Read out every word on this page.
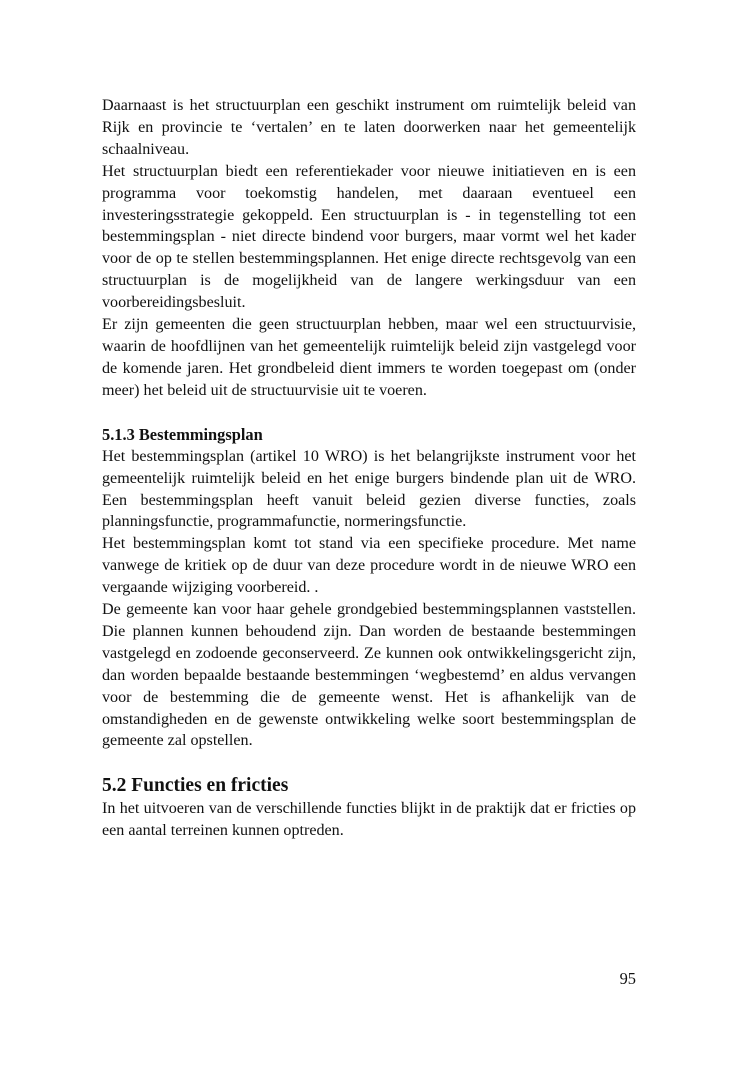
Daarnaast is het structuurplan een geschikt instrument om ruimtelijk beleid van Rijk en provincie te ‘vertalen’ en te laten doorwerken naar het gemeentelijk schaalniveau.

Het structuurplan biedt een referentiekader voor nieuwe initiatieven en is een programma voor toekomstig handelen, met daaraan eventueel een investeringsstrategie gekoppeld. Een structuurplan is - in tegenstelling tot een bestemmingsplan - niet directe bindend voor burgers, maar vormt wel het kader voor de op te stellen bestemmingsplannen. Het enige directe rechtsgevolg van een structuurplan is de mogelijkheid van de langere werkingsduur van een voorbereidingsbesluit.

Er zijn gemeenten die geen structuurplan hebben, maar wel een structuurvisie, waarin de hoofdlijnen van het gemeentelijk ruimtelijk beleid zijn vastgelegd voor de komende jaren. Het grondbeleid dient immers te worden toegepast om (onder meer) het beleid uit de structuurvisie uit te voeren.

5.1.3 Bestemmingsplan

Het bestemmingsplan (artikel 10 WRO) is het belangrijkste instrument voor het gemeentelijk ruimtelijk beleid en het enige burgers bindende plan uit de WRO. Een bestemmingsplan heeft vanuit beleid gezien diverse functies, zoals planningsfunctie, programmafunctie, normeringsfunctie.

Het bestemmingsplan komt tot stand via een specifieke procedure. Met name vanwege de kritiek op de duur van deze procedure wordt in de nieuwe WRO een vergaande wijziging voorbereid. .

De gemeente kan voor haar gehele grondgebied bestemmingsplannen vaststellen. Die plannen kunnen behoudend zijn. Dan worden de bestaande bestemmingen vastgelegd en zodoende geconserveerd. Ze kunnen ook ontwikkelingsgericht zijn, dan worden bepaalde bestaande bestemmingen ‘wegbestemd’ en aldus vervangen voor de bestemming die de gemeente wenst. Het is afhankelijk van de omstandigheden en de gewenste ontwikkeling welke soort bestemmingsplan de gemeente zal opstellen.

5.2 Functies en fricties

In het uitvoeren van de verschillende functies blijkt in de praktijk dat er fricties op een aantal terreinen kunnen optreden.

95
